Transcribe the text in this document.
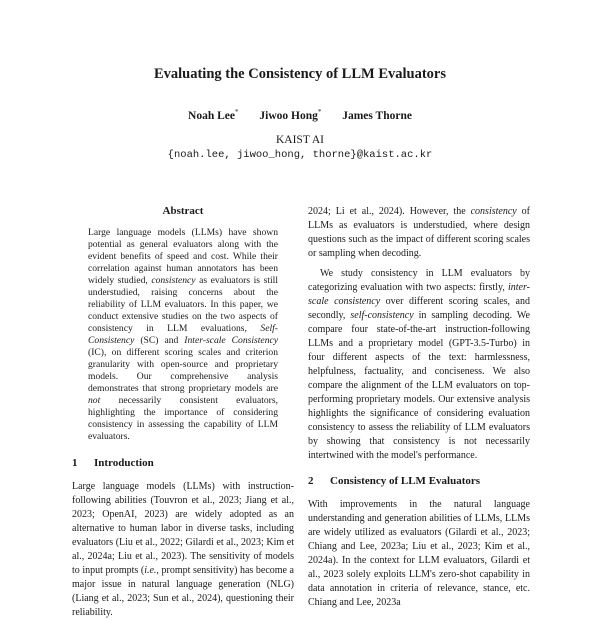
Evaluating the Consistency of LLM Evaluators
Noah Lee* Jiwoo Hong* James Thorne
KAIST AI
{noah.lee, jiwoo_hong, thorne}@kaist.ac.kr
Abstract

Large language models (LLMs) have shown potential as general evaluators along with the evident benefits of speed and cost. While their correlation against human annotators has been widely studied, consistency as evaluators is still understudied, raising concerns about the reliability of LLM evaluators. In this paper, we conduct extensive studies on the two aspects of consistency in LLM evaluations, Self-Consistency (SC) and Inter-scale Consistency (IC), on different scoring scales and criterion granularity with open-source and proprietary models. Our comprehensive analysis demonstrates that strong proprietary models are not necessarily consistent evaluators, highlighting the importance of considering consistency in assessing the capability of LLM evaluators.

1 Introduction

Large language models (LLMs) with instruction-following abilities (Touvron et al., 2023; Jiang et al., 2023; OpenAI, 2023) are widely adopted as an alternative to human labor in diverse tasks, including evaluators (Liu et al., 2022; Gilardi et al., 2023; Kim et al., 2024a; Liu et al., 2023). The sensitivity of models to input prompts (i.e., prompt sensitivity) has become a major issue in natural language generation (NLG) (Liang et al., 2023; Sun et al., 2024), questioning their reliability.

2024; Li et al., 2024). However, the consistency of LLMs as evaluators is understudied, where design questions such as the impact of different scoring scales or sampling when decoding.

We study consistency in LLM evaluators by categorizing evaluation with two aspects: firstly, inter-scale consistency over different scoring scales, and secondly, self-consistency in sampling decoding. We compare four state-of-the-art instruction-following LLMs and a proprietary model (GPT-3.5-Turbo) in four different aspects of the text: harmlessness, helpfulness, factuality, and conciseness. We also compare the alignment of the LLM evaluators on top-performing proprietary models. Our extensive analysis highlights the significance of considering evaluation consistency to assess the reliability of LLM evaluators by showing that consistency is not necessarily intertwined with the model's performance.

2 Consistency of LLM Evaluators

With improvements in the natural language understanding and generation abilities of LLMs, LLMs are widely utilized as evaluators (Gilardi et al., 2023; Chiang and Lee, 2023a; Liu et al., 2023; Kim et al., 2024a). In the context for LLM evaluators, Gilardi et al., 2023 solely exploits LLM's zero-shot capability in data annotation in criteria of relevance, stance, etc. Chiang and Lee, 2023a
